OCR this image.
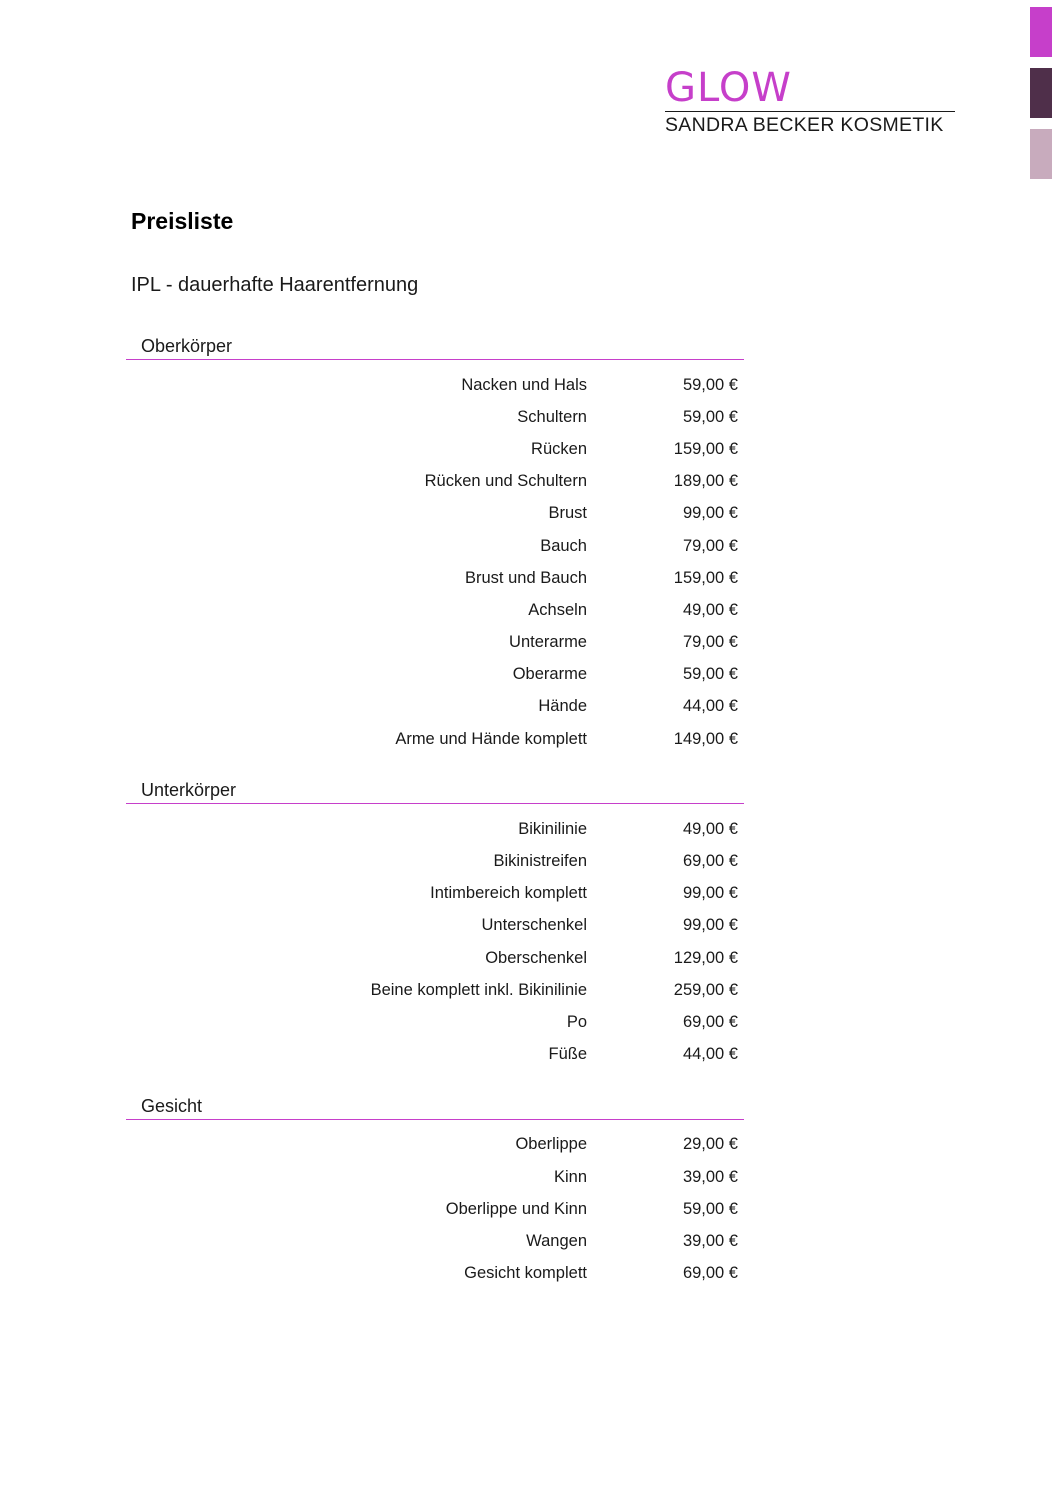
GLOW
SANDRA BECKER KOSMETIK
Preisliste
IPL - dauerhafte Haarentfernung
Oberkörper
Nacken und Hals	59,00 €
Schultern	59,00 €
Rücken	159,00 €
Rücken und Schultern	189,00 €
Brust	99,00 €
Bauch	79,00 €
Brust und Bauch	159,00 €
Achseln	49,00 €
Unterarme	79,00 €
Oberarme	59,00 €
Hände	44,00 €
Arme und Hände komplett	149,00 €
Unterkörper
Bikinilinie	49,00 €
Bikinistreifen	69,00 €
Intimbereich komplett	99,00 €
Unterschenkel	99,00 €
Oberschenkel	129,00 €
Beine komplett inkl. Bikinilinie	259,00 €
Po	69,00 €
Füße	44,00 €
Gesicht
Oberlippe	29,00 €
Kinn	39,00 €
Oberlippe und Kinn	59,00 €
Wangen	39,00 €
Gesicht komplett	69,00 €
